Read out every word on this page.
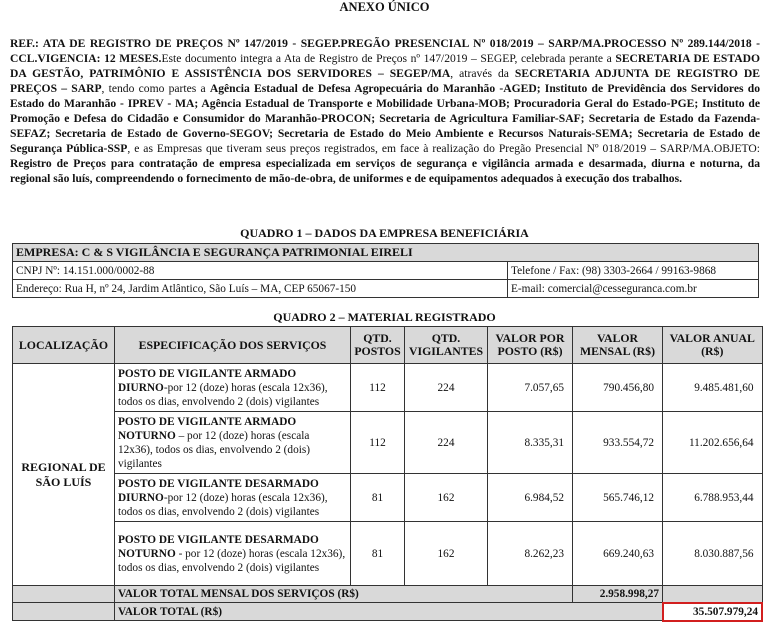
ANEXO ÚNICO
REF.: ATA DE REGISTRO DE PREÇOS Nº 147/2019 - SEGEP.PREGÃO PRESENCIAL Nº 018/2019 – SARP/MA.PROCESSO Nº 289.144/2018 - CCL.VIGENCIA: 12 MESES.Este documento integra a Ata de Registro de Preços nº 147/2019 – SEGEP, celebrada perante a SECRETARIA DE ESTADO DA GESTÃO, PATRIMÔNIO E ASSISTÊNCIA DOS SERVIDORES – SEGEP/MA, através da SECRETARIA ADJUNTA DE REGISTRO DE PREÇOS – SARP, tendo como partes a Agência Estadual de Defesa Agropecuária do Maranhão -AGED; Instituto de Previdência dos Servidores do Estado do Maranhão - IPREV - MA; Agência Estadual de Transporte e Mobilidade Urbana-MOB; Procuradoria Geral do Estado-PGE; Instituto de Promoção e Defesa do Cidadão e Consumidor do Maranhão-PROCON; Secretaria de Agricultura Familiar-SAF; Secretaria de Estado da Fazenda-SEFAZ; Secretaria de Estado de Governo-SEGOV; Secretaria de Estado do Meio Ambiente e Recursos Naturais-SEMA; Secretaria de Estado de Segurança Pública-SSP, e as Empresas que tiveram seus preços registrados, em face à realização do Pregão Presencial Nº 018/2019 – SARP/MA.OBJETO: Registro de Preços para contratação de empresa especializada em serviços de segurança e vigilância armada e desarmada, diurna e noturna, da regional são luís, compreendendo o fornecimento de mão-de-obra, de uniformes e de equipamentos adequados à execução dos trabalhos.
QUADRO 1 – DADOS DA EMPRESA BENEFICIÁRIA
EMPRESA: C & S VIGILÂNCIA E SEGURANÇA PATRIMONIAL EIRELI	
CNPJ Nº: 14.151.000/0002-88	Telefone / Fax: (98) 3303-2664 / 99163-9868
Endereço: Rua H, nº 24, Jardim Atlântico, São Luís – MA, CEP 65067-150	E-mail: comercial@cesseguranca.com.br
QUADRO 2 – MATERIAL REGISTRADO
LOCALIZAÇÃO	ESPECIFICAÇÃO DOS SERVIÇOS	QTD. POSTOS	QTD. VIGILANTES	VALOR POR POSTO (R$)	VALOR MENSAL (R$)	VALOR ANUAL (R$)
REGIONAL DE SÃO LUÍS	POSTO DE VIGILANTE ARMADO DIURNO-por 12 (doze) horas (escala 12x36), todos os dias, envolvendo 2 (dois) vigilantes	112	224	7.057,65	790.456,80	9.485.481,60
	POSTO DE VIGILANTE ARMADO NOTURNO – por 12 (doze) horas (escala 12x36), todos os dias, envolvendo 2 (dois) vigilantes	112	224	8.335,31	933.554,72	11.202.656,64
	POSTO DE VIGILANTE DESARMADO DIURNO-por 12 (doze) horas (escala 12x36), todos os dias, envolvendo 2 (dois) vigilantes	81	162	6.984,52	565.746,12	6.788.953,44
	POSTO DE VIGILANTE DESARMADO NOTURNO - por 12 (doze) horas (escala 12x36), todos os dias, envolvendo 2 (dois) vigilantes	81	162	8.262,23	669.240,63	8.030.887,56
	VALOR TOTAL MENSAL DOS SERVIÇOS (R$)				2.958.998,27	
	VALOR TOTAL (R$)					35.507.979,24
